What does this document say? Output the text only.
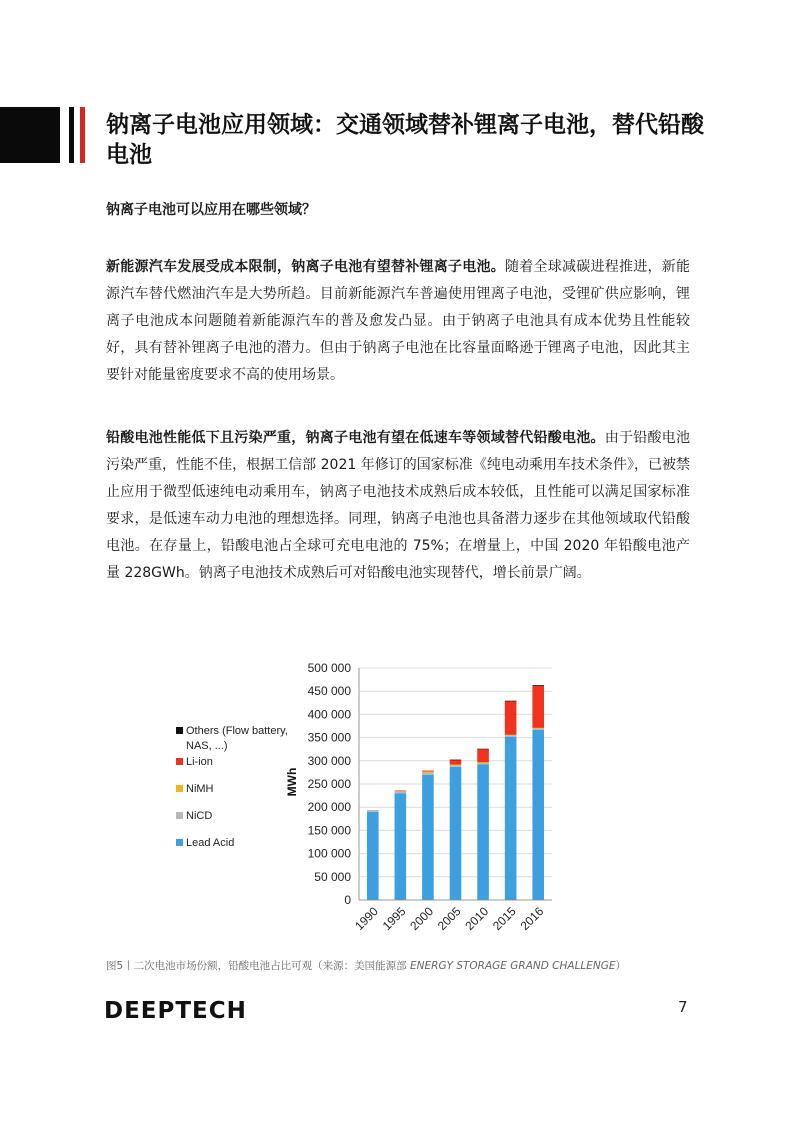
钠离子电池应用领域：交通领域替补锂离子电池，替代铅酸电池
钠离子电池可以应用在哪些领域？

新能源汽车发展受成本限制，钠离子电池有望替补锂离子电池。随着全球减碳进程推进，新能源汽车替代燃油汽车是大势所趋。目前新能源汽车普遍使用锂离子电池，受锂矿供应影响，锂离子电池成本问题随着新能源汽车的普及愈发凸显。由于钠离子电池具有成本优势且性能较好，具有替补锂离子电池的潜力。但由于钠离子电池在比容量面略逊于锂离子电池，因此其主要针对能量密度要求不高的使用场景。

铅酸电池性能低下且污染严重，钠离子电池有望在低速车等领域替代铅酸电池。由于铅酸电池污染严重，性能不佳，根据工信部 2021 年修订的国家标准《纯电动乘用车技术条件》，已被禁止应用于微型低速纯电动乘用车，钠离子电池技术成熟后成本较低，且性能可以满足国家标准要求，是低速车动力电池的理想选择。同理，钠离子电池也具备潜力逐步在其他领域取代铅酸电池。在存量上，铅酸电池占全球可充电电池的 75%；在增量上，中国 2020 年铅酸电池产量 228GWh。钠离子电池技术成熟后可对铅酸电池实现替代，增长前景广阔。

0
50 000
100 000
150 000
200 000
250 000
300 000
350 000
400 000
450 000
500 000
1990
1995
2000
2005
2010
2015
2016
Others (Flow battery,
NAS, ...)
Li-ion
NiMH
NiCD
Lead Acid
MWh
图5丨二次电池市场份额，铅酸电池占比可观（来源：美国能源部 ENERGY STORAGE GRAND CHALLENGE）
DEEPTECH	7
